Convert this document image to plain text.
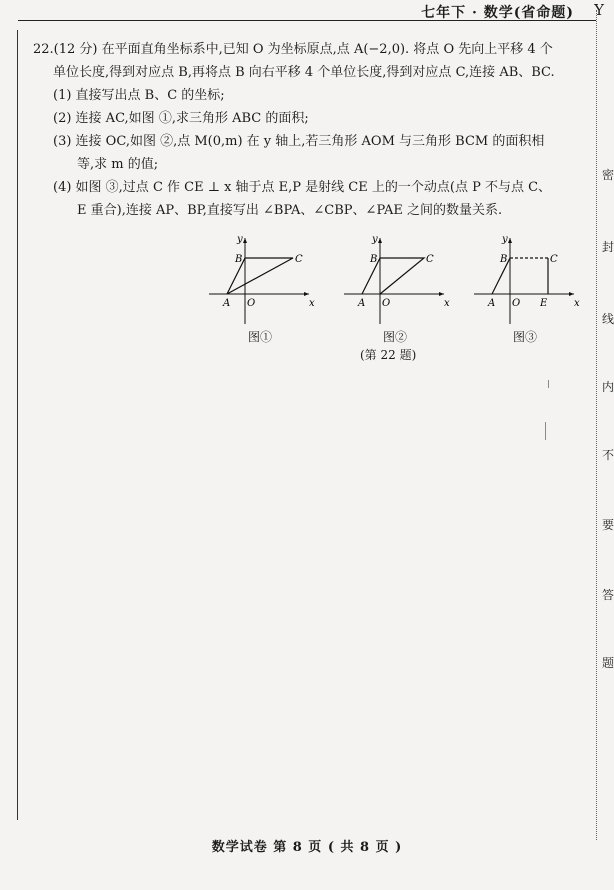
七年下 · 数学(省命题) Y
密
封
线
内
不
要
答
题
22.(12 分) 在平面直角坐标系中,已知 O 为坐标原点,点 A(−2,0). 将点 O 先向上平移 4 个
单位长度,得到对应点 B,再将点 B 向右平移 4 个单位长度,得到对应点 C,连接 AB、BC.
(1) 直接写出点 B、C 的坐标;
(2) 连接 AC,如图 ①,求三角形 ABC 的面积;
(3) 连接 OC,如图 ②,点 M(0,m) 在 y 轴上,若三角形 AOM 与三角形 BCM 的面积相
等,求 m 的值;
(4) 如图 ③,过点 C 作 CE ⊥ x 轴于点 E,P 是射线 CE 上的一个动点(点 P 不与点 C、
E 重合),连接 AP、BP,直接写出 ∠BPA、∠CBP、∠PAE 之间的数量关系.
x
y
A
B	C
O
图①
x
y
A
B	C
O
图②
x
y
A
B	C
O E
图③
(第 22 题)
数学试卷 第 8 页 ( 共 8 页 )
